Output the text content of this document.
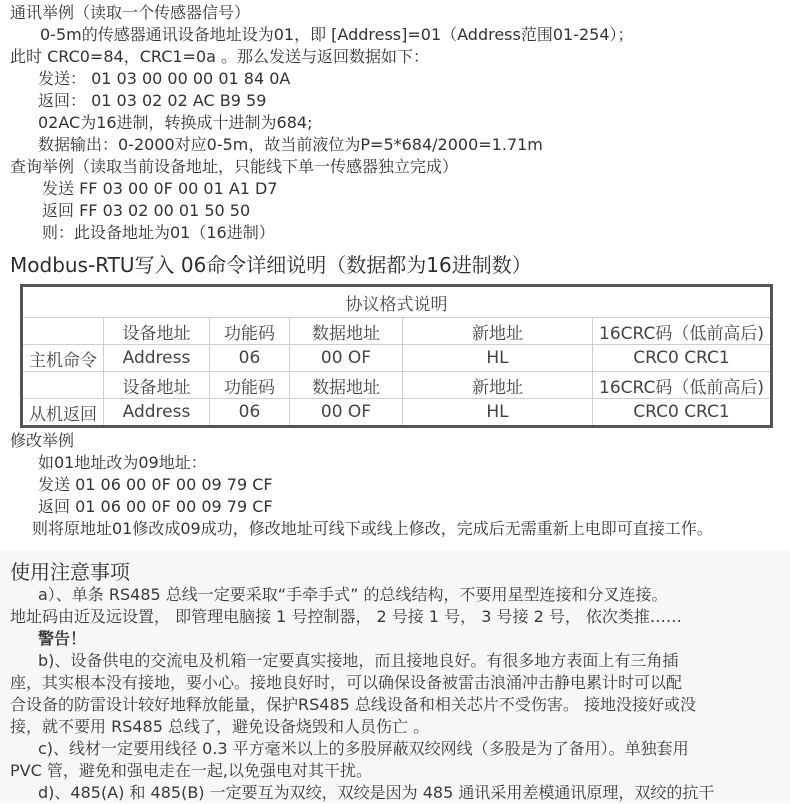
通讯举例（读取一个传感器信号）
0-5m的传感器通讯设备地址设为01，即 [Address]=01（Address范围01-254）；
此时 CRC0=84，CRC1=0a 。那么发送与返回数据如下：
发送： 01 03 00 00 00 01 84 0A
返回： 01 03 02 02 AC B9 59
02AC为16进制，转换成十进制为684;
数据输出：0-2000对应0-5m，故当前液位为P=5*684/2000=1.71m
查询举例（读取当前设备地址，只能线下单一传感器独立完成）
发送 FF 03 00 0F 00 01 A1 D7
返回 FF 03 02 00 01 50 50
则：此设备地址为01（16进制）
Modbus-RTU写入 06命令详细说明（数据都为16进制数）
协议格式说明					
	设备地址	功能码	数据地址	新地址	16CRC码（低前高后)
主机命令	Address	06	00 OF	HL	CRC0 CRC1
	设备地址	功能码	数据地址	新地址	16CRC码（低前高后)
从机返回	Address	06	00 OF	HL	CRC0 CRC1
修改举例
如01地址改为09地址：
发送 01 06 00 0F 00 09 79 CF
返回 01 06 00 0F 00 09 79 CF
则将原地址01修改成09成功，修改地址可线下或线上修改，完成后无需重新上电即可直接工作。
使用注意事项
a）、单条 RS485 总线一定要采取“手牵手式” 的总线结构，不要用星型连接和分叉连接。
地址码由近及远设置， 即管理电脑接 1 号控制器， 2 号接 1 号， 3 号接 2 号， 依次类推……
警告！
b)、设备供电的交流电及机箱一定要真实接地，而且接地良好。有很多地方表面上有三角插
座，其实根本没有接地，要小心。接地良好时，可以确保设备被雷击浪涌冲击静电累计时可以配
合设备的防雷设计较好地释放能量，保护RS485 总线设备和相关芯片不受伤害。 接地没接好或没
接，就不要用 RS485 总线了，避免设备烧毁和人员伤亡 。
c)、线材一定要用线径 0.3 平方毫米以上的多股屏蔽双绞网线（多股是为了备用）。单独套用
PVC 管，避免和强电走在一起,以免强电对其干扰。
d)、485(A) 和 485(B) 一定要互为双绞，双绞是因为 485 通讯采用差模通讯原理，双绞的抗干
